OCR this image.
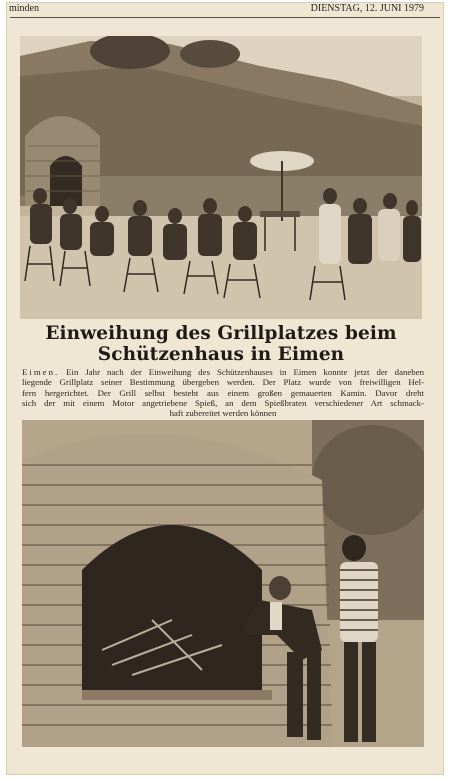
minden	DIENSTAG, 12. JUNI 1979
Einweihung des Grillplatzes beim
Schützenhaus in Eimen
Eimen. Ein Jahr nach der Einweihung des Schützenhauses in Eimen konnte jetzt der daneben
liegende Grillplatz seiner Bestimmung übergeben werden. Der Platz wurde von freiwilligen Hel-
fern hergerichtet. Der Grill selbst besteht aus einem großen gemauerten Kamin. Davor dreht
sich der mit einem Motor angetriebene Spieß, an dem Spießbraten verschiedener Art schmack-
haft zubereitet werden können
